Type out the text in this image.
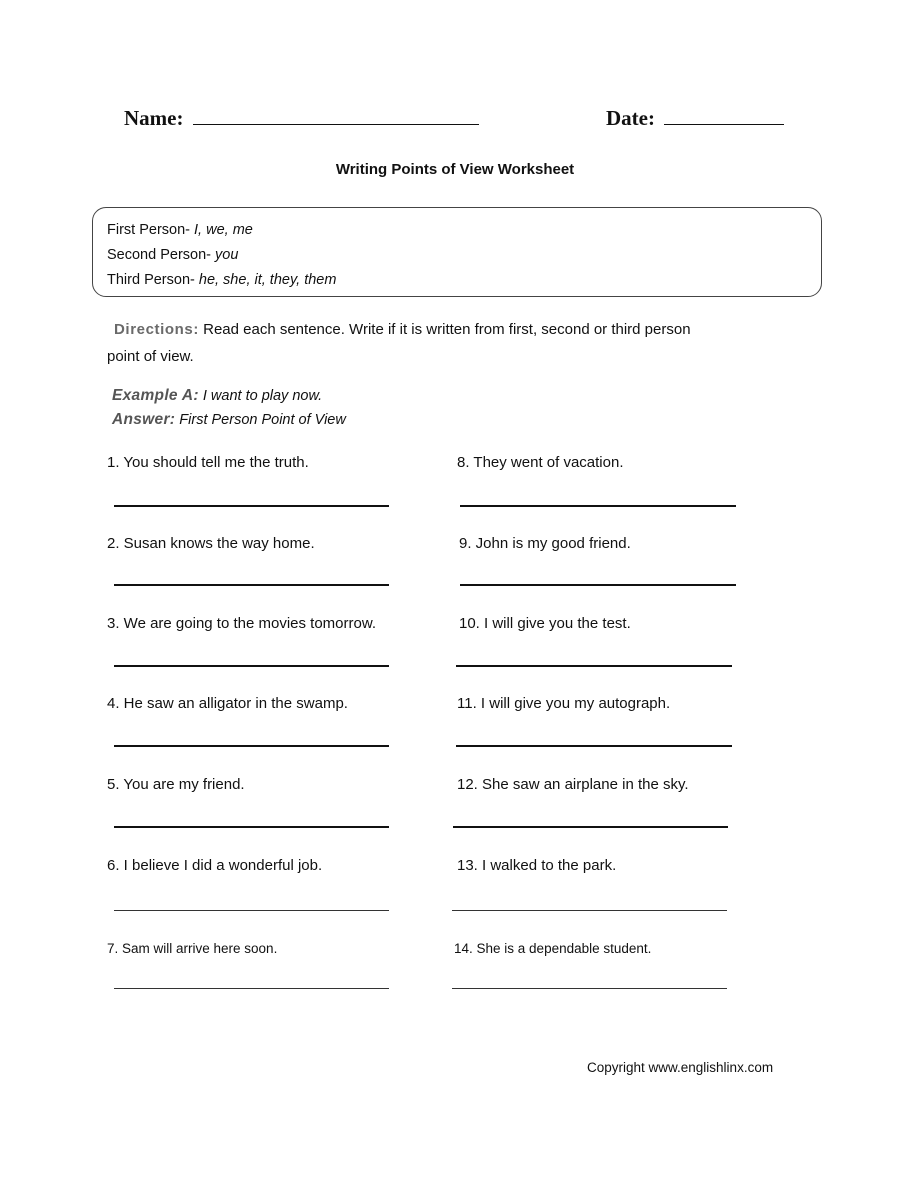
Name:	Date:
Writing Points of View Worksheet
First Person- I, we, me
Second Person- you
Third Person- he, she, it, they, them
Directions: Read each sentence. Write if it is written from first, second or third person
point of view.
Example A: I want to play now.
Answer: First Person Point of View
1. You should tell me the truth.
2. Susan knows the way home.
3. We are going to the movies tomorrow.
4. He saw an alligator in the swamp.
5. You are my friend.
6. I believe I did a wonderful job.
7. Sam will arrive here soon.
8. They went of vacation.
9. John is my good friend.
10. I will give you the test.
11. I will give you my autograph.
12. She saw an airplane in the sky.
13. I walked to the park.
14. She is a dependable student.
Copyright www.englishlinx.com
